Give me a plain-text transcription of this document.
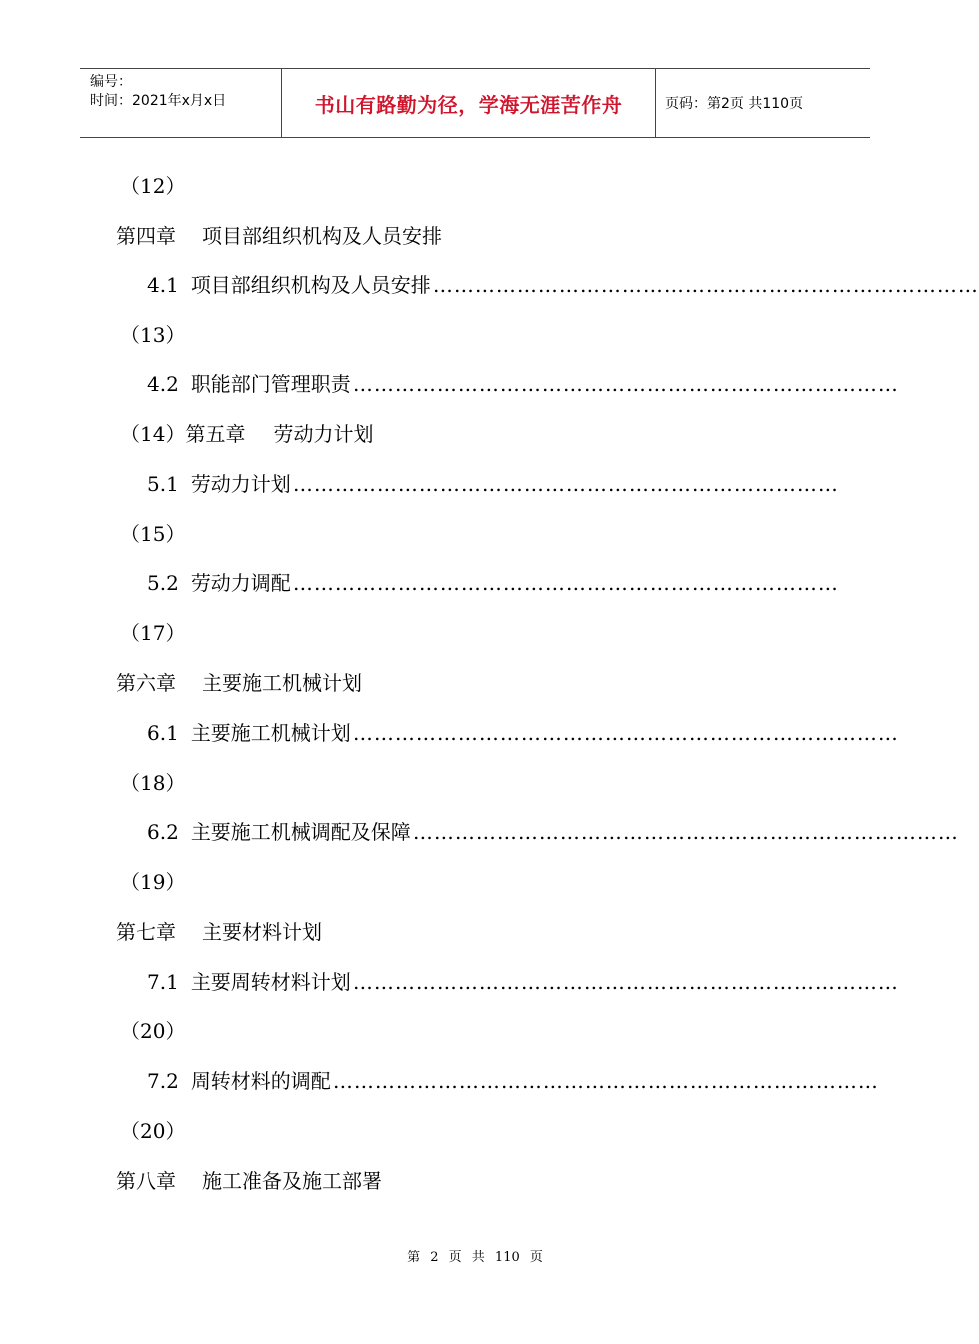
编号：
时间：2021年x月x日	书山有路勤为径，学海无涯苦作舟	页码：第2页 共110页
（12）
第四章 项目部组织机构及人员安排
4.1 项目部组织机构及人员安排 ……………………………………………………………………
（13）
4.2 职能部门管理职责 ……………………………………………………………………
（14）第五章 劳动力计划
5.1 劳动力计划 ……………………………………………………………………
（15）
5.2 劳动力调配 ……………………………………………………………………
（17）
第六章 主要施工机械计划
6.1 主要施工机械计划 ……………………………………………………………………
（18）
6.2 主要施工机械调配及保障 ……………………………………………………………………
（19）
第七章 主要材料计划
7.1 主要周转材料计划 ……………………………………………………………………
（20）
7.2 周转材料的调配 ……………………………………………………………………
（20）
第八章 施工准备及施工部署
第 2 页 共 110 页
